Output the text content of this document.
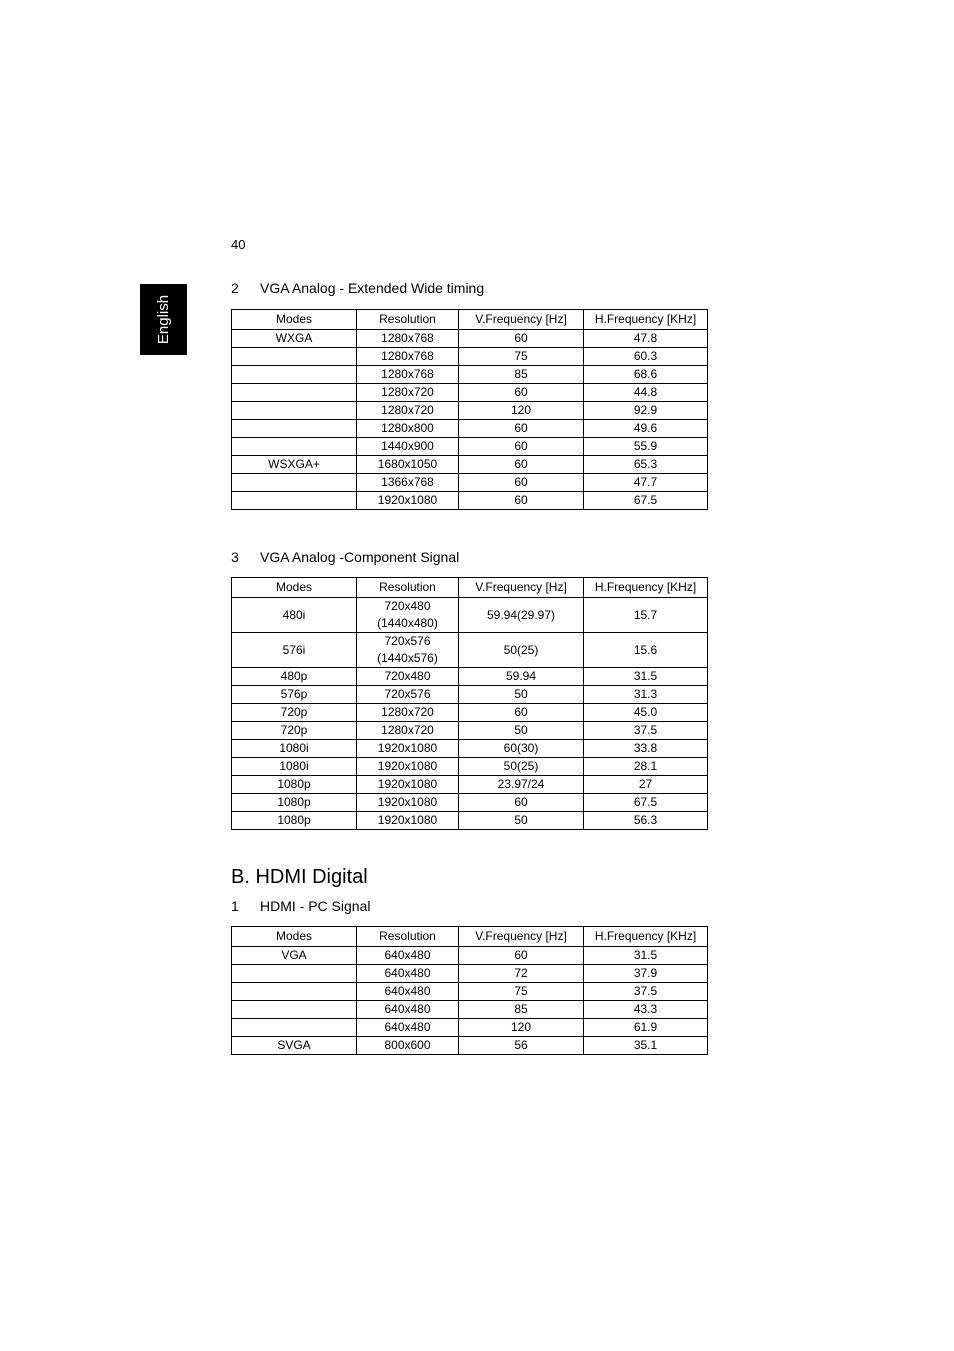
40
English
2 VGA Analog - Extended Wide timing
Modes	Resolution	V.Frequency [Hz]	H.Frequency [KHz]
WXGA	1280x768	60	47.8
	1280x768	75	60.3
	1280x768	85	68.6
	1280x720	60	44.8
	1280x720	120	92.9
	1280x800	60	49.6
	1440x900	60	55.9
WSXGA+	1680x1050	60	65.3
	1366x768	60	47.7
	1920x1080	60	67.5
3 VGA Analog -Component Signal
Modes	Resolution	V.Frequency [Hz]	H.Frequency [KHz]
480i	720x480 (1440x480)	59.94(29.97)	15.7
576i	720x576 (1440x576)	50(25)	15.6
480p	720x480	59.94	31.5
576p	720x576	50	31.3
720p	1280x720	60	45.0
720p	1280x720	50	37.5
1080i	1920x1080	60(30)	33.8
1080i	1920x1080	50(25)	28.1
1080p	1920x1080	23.97/24	27
1080p	1920x1080	60	67.5
1080p	1920x1080	50	56.3
B. HDMI Digital
1 HDMI - PC Signal
Modes	Resolution	V.Frequency [Hz]	H.Frequency [KHz]
VGA	640x480	60	31.5
	640x480	72	37.9
	640x480	75	37.5
	640x480	85	43.3
	640x480	120	61.9
SVGA	800x600	56	35.1
